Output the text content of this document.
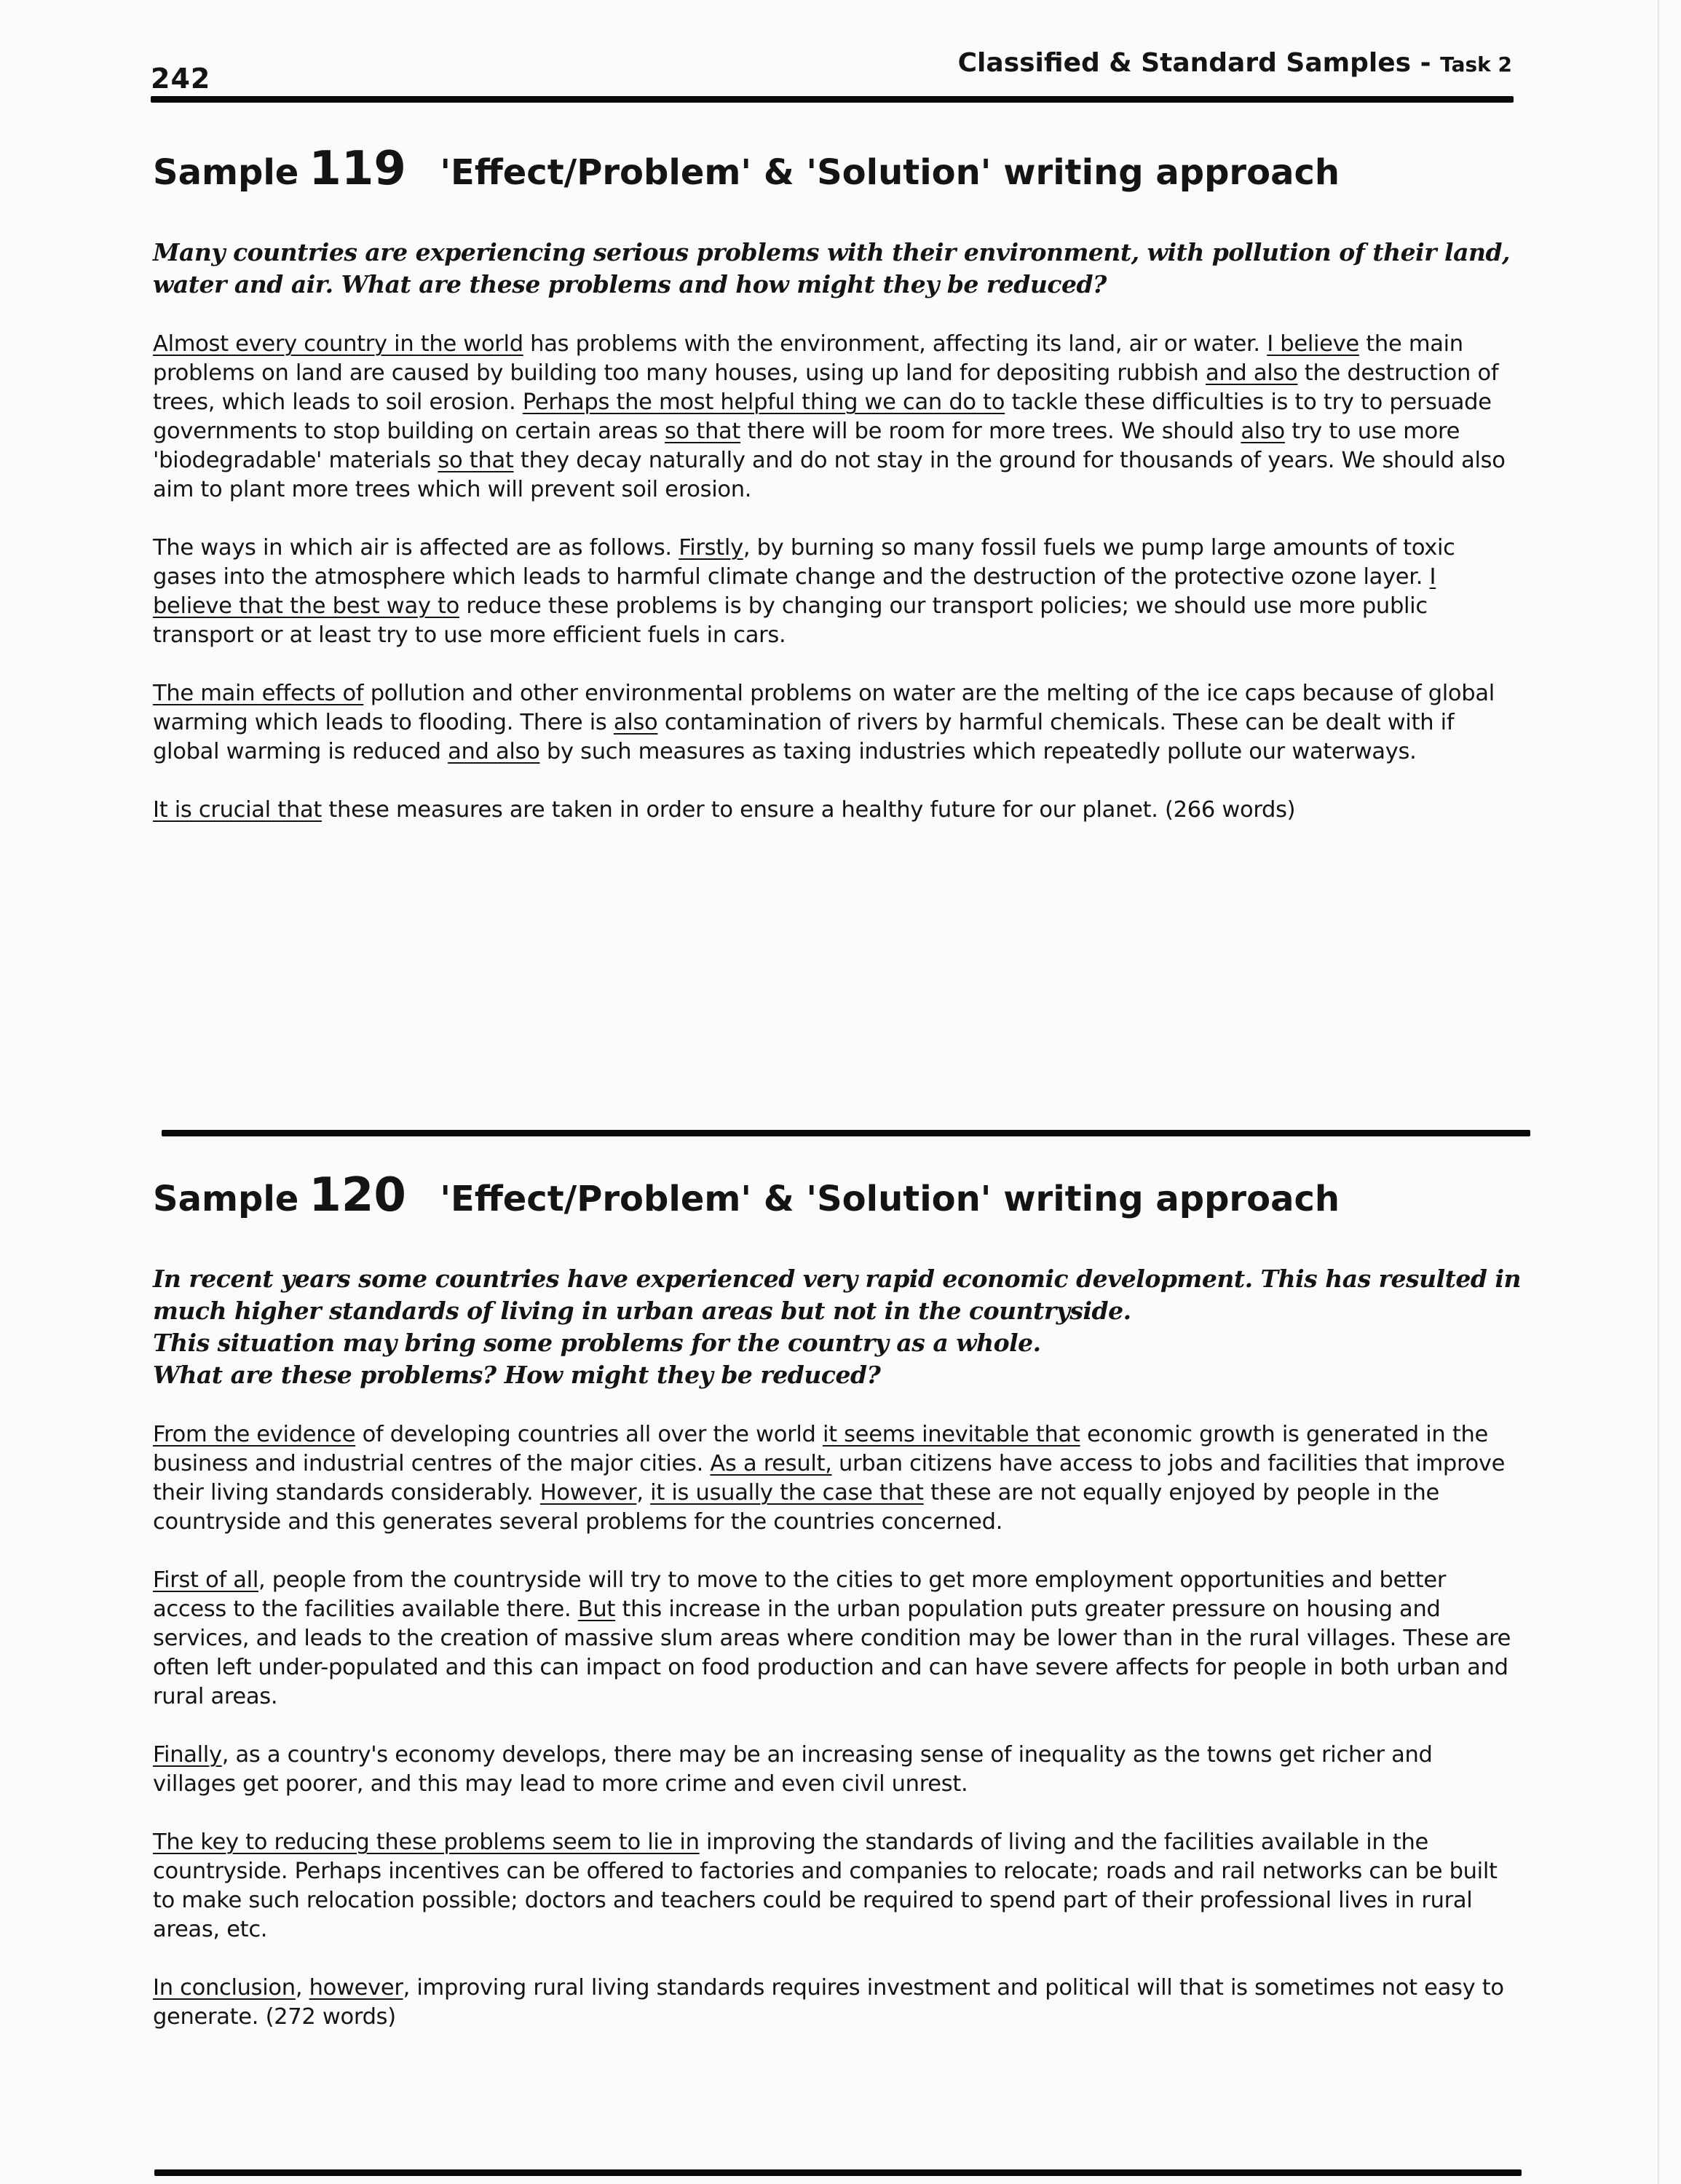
242	Classified & Standard Samples - Task 2
Sample 119 'Effect/Problem' & 'Solution' writing approach

Many countries are experiencing serious problems with their environment, with pollution of their land, water and air. What are these problems and how might they be reduced?

Almost every country in the world has problems with the environment, affecting its land, air or water. I believe the main problems on land are caused by building too many houses, using up land for depositing rubbish and also the destruction of trees, which leads to soil erosion. Perhaps the most helpful thing we can do to tackle these difficulties is to try to persuade governments to stop building on certain areas so that there will be room for more trees. We should also try to use more 'biodegradable' materials so that they decay naturally and do not stay in the ground for thousands of years. We should also aim to plant more trees which will prevent soil erosion.

The ways in which air is affected are as follows. Firstly, by burning so many fossil fuels we pump large amounts of toxic gases into the atmosphere which leads to harmful climate change and the destruction of the protective ozone layer. I believe that the best way to reduce these problems is by changing our transport policies; we should use more public transport or at least try to use more efficient fuels in cars.

The main effects of pollution and other environmental problems on water are the melting of the ice caps because of global warming which leads to flooding. There is also contamination of rivers by harmful chemicals. These can be dealt with if global warming is reduced and also by such measures as taxing industries which repeatedly pollute our waterways.

It is crucial that these measures are taken in order to ensure a healthy future for our planet. (266 words)

Sample 120 'Effect/Problem' & 'Solution' writing approach

In recent years some countries have experienced very rapid economic development. This has resulted in much higher standards of living in urban areas but not in the countryside.

This situation may bring some problems for the country as a whole.

What are these problems? How might they be reduced?

From the evidence of developing countries all over the world it seems inevitable that economic growth is generated in the business and industrial centres of the major cities. As a result, urban citizens have access to jobs and facilities that improve their living standards considerably. However, it is usually the case that these are not equally enjoyed by people in the countryside and this generates several problems for the countries concerned.

First of all, people from the countryside will try to move to the cities to get more employment opportunities and better access to the facilities available there. But this increase in the urban population puts greater pressure on housing and services, and leads to the creation of massive slum areas where condition may be lower than in the rural villages. These are often left under-populated and this can impact on food production and can have severe affects for people in both urban and rural areas.

Finally, as a country's economy develops, there may be an increasing sense of inequality as the towns get richer and villages get poorer, and this may lead to more crime and even civil unrest.

The key to reducing these problems seem to lie in improving the standards of living and the facilities available in the countryside. Perhaps incentives can be offered to factories and companies to relocate; roads and rail networks can be built to make such relocation possible; doctors and teachers could be required to spend part of their professional lives in rural areas, etc.

In conclusion, however, improving rural living standards requires investment and political will that is sometimes not easy to generate. (272 words)
